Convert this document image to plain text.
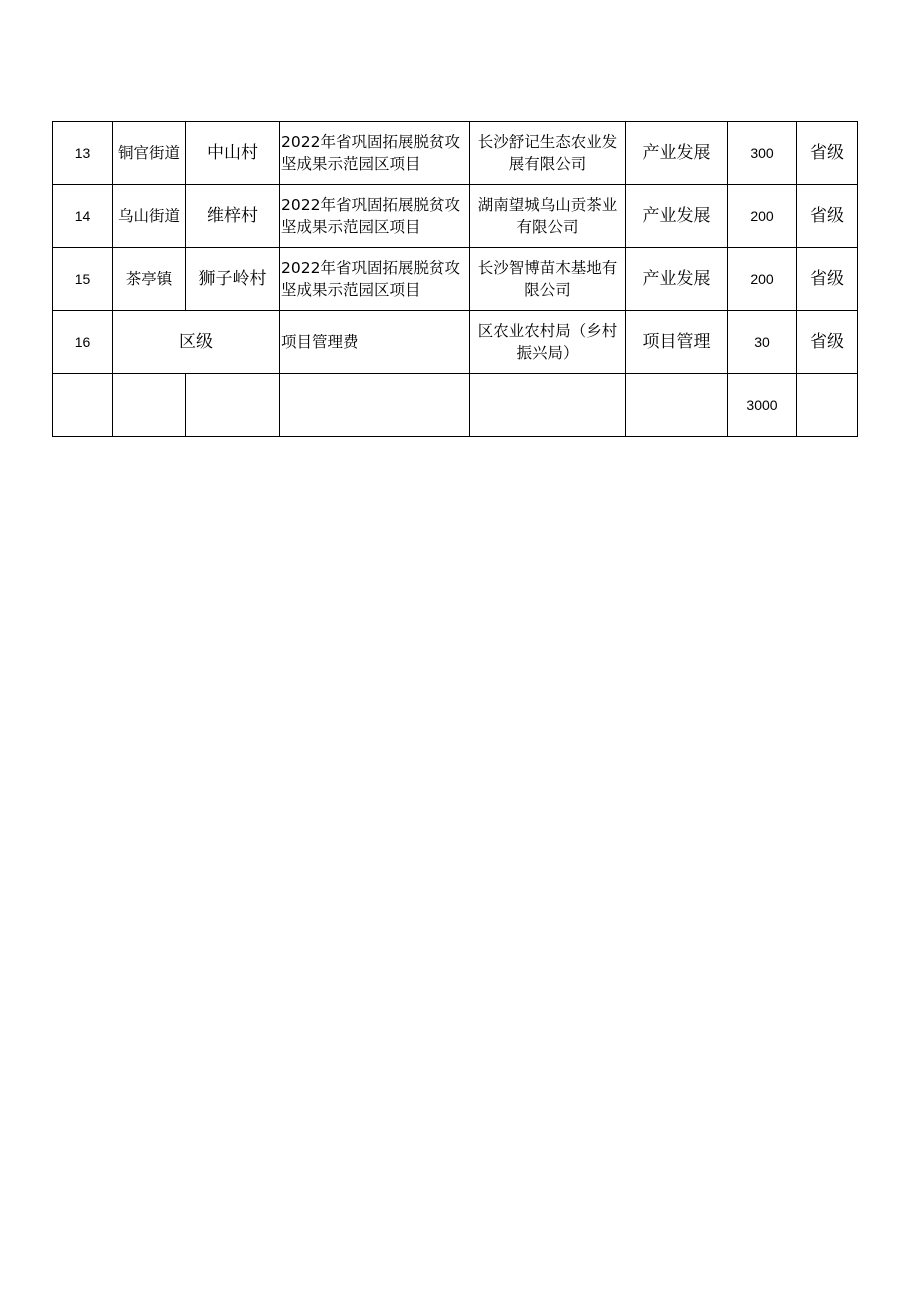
13	铜官街道	中山村	2022年省巩固拓展脱贫攻坚成果示范园区项目	长沙舒记生态农业发展有限公司	产业发展	300	省级
14	乌山街道	维梓村	2022年省巩固拓展脱贫攻坚成果示范园区项目	湖南望城乌山贡茶业有限公司	产业发展	200	省级
15	茶亭镇	狮子岭村	2022年省巩固拓展脱贫攻坚成果示范园区项目	长沙智博苗木基地有限公司	产业发展	200	省级
16	区级		项目管理费	区农业农村局（乡村振兴局）	项目管理	30	省级
						3000	
